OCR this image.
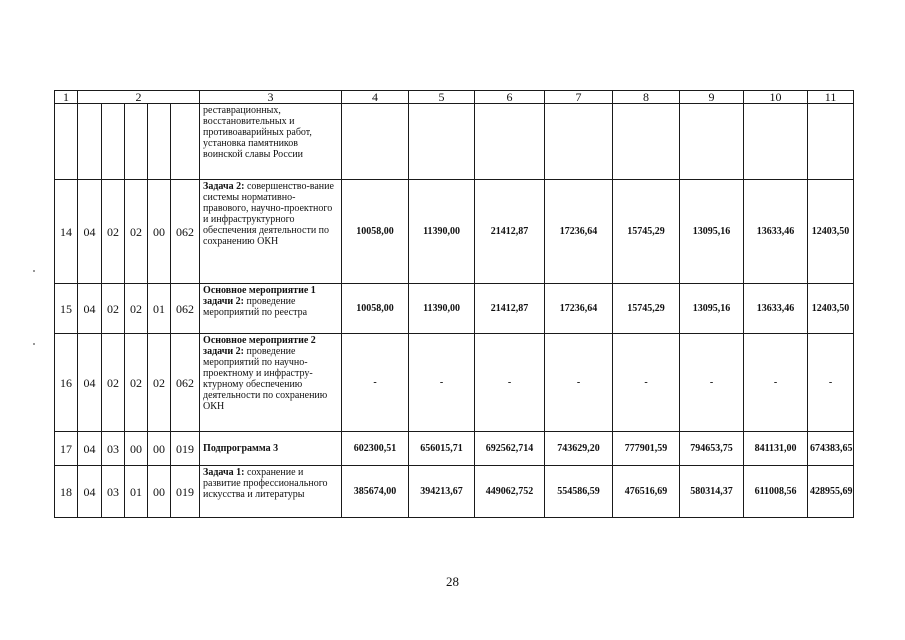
1	2					3	4	5	6	7	8	9	10	11
						реставрационных, восстановительных и противоаварийных работ, установка памятников воинской славы России								
14	04	02	02	00	062	Задача 2: совершенство-вание системы нормативно-правового, научно-проектного и инфраструктурного обеспечения деятельности по сохранению ОКН	10058,00	11390,00	21412,87	17236,64	15745,29	13095,16	13633,46	12403,50
15	04	02	02	01	062	Основное мероприятие 1 задачи 2: проведение мероприятий по реестра	10058,00	11390,00	21412,87	17236,64	15745,29	13095,16	13633,46	12403,50
16	04	02	02	02	062	Основное мероприятие 2 задачи 2: проведение мероприятий по научно-проектному и инфрастру-ктурному обеспечению деятельности по сохранению ОКН	-	-	-	-	-	-	-	-
17	04	03	00	00	019	Подпрограмма 3	602300,51	656015,71	692562,714	743629,20	777901,59	794653,75	841131,00	674383,65
18	04	03	01	00	019	Задача 1: сохранение и развитие профессионального искусства и литературы	385674,00	394213,67	449062,752	554586,59	476516,69	580314,37	611008,56	428955,69
28
